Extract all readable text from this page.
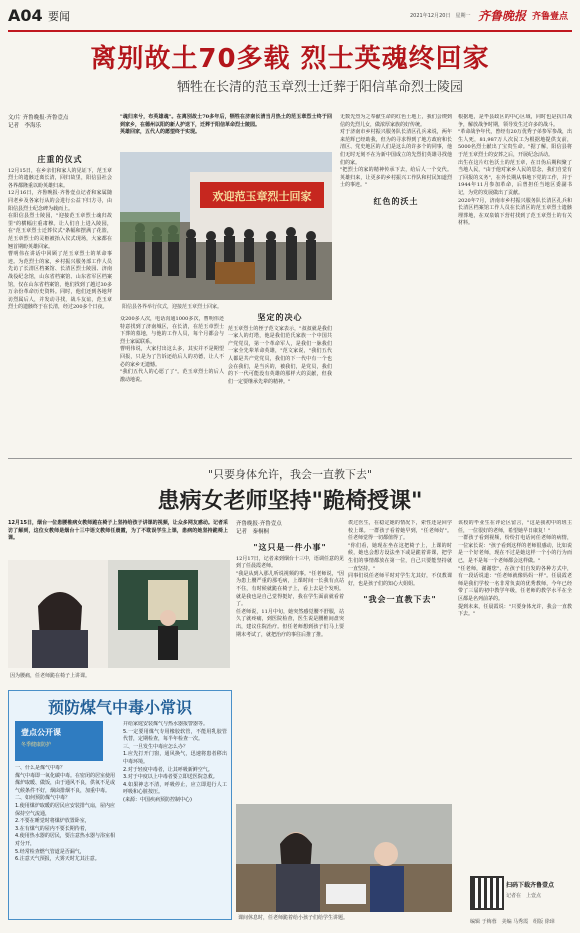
A04 要闻	2021年12月20日　星期一 齐鲁晚报 齐鲁壹点
离别故土70多载 烈士英魂终回家
牺牲在长清的范玉章烈士迁葬于阳信革命烈士陵园
文/片 齐鲁晚报·齐鲁壹点
记者　李海乐
"魂归来兮，布英雄魂"。在离别故土70多年后，牺牲在济南长清当月热土的范玉章烈士终于回到家乡，在德州以阳的新人护送下，迁葬于阳信革命烈士陵园。
英雄回家，五代人的愿望终于实现。
庄重的仪式
12月15日，在乡亲们和家人的见证下，范玉章烈士的遗骸迁离长清，回归故里，阳信县社会各界都隆重以盼英雄归来。
12月16日，齐鲁晚报·齐鲁壹点记者和家属随同老乡及各家行从的会进行公益下归方寻，由阳信县烈士纪念碑为载而上。
在阳信县烈士陵园，"迎接范玉章烈士魂归故里"的横幅庄重肃穆。让人们自上进入陵园，在"范玉章烈士迁葬仪式"条幅和摆满了花篮，范玉章烈士的灵柩被抬入仪式现场，大家都在翘首期盼英雄回家。
曹明伟在讲话中回顾了范玉章烈士的革命事迹。为范烈士的家，乡村振兴服务部工作人员先访了长清区档案馆、长清区烈士陵园、济南战役纪念馆，山东省档案馆、山东省军区档案馆，仅在山东省档案馆，他们找到了越过30多万余份革命历史资料。同时，他们还到各地拜访烈属后人，并发动寻找，战斗友谊，范玉章烈士的遗骸终于在长清，经过200多个日夜。
欢迎范玉章烈士回家
阳信县各界举行仪式，迎接范玉章烈士回家。
众200多人次，电话沟通1000多次，曹明伟还特意找到了济南城区，在长清，在范玉章烈士下葬的墓地，与他的工作人员，每个月都会与烈士家属联系。
曹明伟说，大家付出这么多，其实并不是期望回报，只是为了告诉还给后人的功德，让人不必的家乡无遗憾。
"我们五代人的心愿了了"。范玉章烈士的后人激动地说。
坚定的决心
范玉章烈士的侄子范文家表示，"叔叔就是我们一家人的灯塔，他是我们范氏家族一个中国共产党党员，第一个革命军人，是我们一脉我们一家全先辈革命英雄，"范文家说，"我们五代人都是共产党党员，我们的下一代中有一个也会在我们，是当兵的，被我们，是党员，我们的下一代可能没有英雄的那样大的贡献，但我们一定要继承先辈的精神。"
无数先烈为之奉献生命的红色土地上，我们会锲到信的先烈儿女，做浓厚家族的好传统。
对于济南市乡村振兴服务队长清区孔兵来说，两年来范辉已经助我，但为的寻求得到了地方政府和长清区、党史地区的人们是这么的许多个的同事，他们无时无刻不在为新中国成立的先烈们英雄寻找他们的家。
"把烈士的家的精神传承下去，给后人一个交代。英雄归来，让更多的乡村振兴工作队和村民知道烈士的事迹。"
红色的沃土
根据地，是毕县政区的中心区域，同时也是抗日战争，解放战争时期，领导发生过许多的战斗。
"革命战争年代，曾经有20万优秀子弟参军参战，出生人死，81,987万人次民工为根据地提供支前，5000名烈士献出了宝贵生命。"据了解，阳信县将于范玉章烈士的安葬之后，开展纪念活动。
出生在这片红色沃土的范玉章，在日伪后期积聚了当地人民，"由于他对家乡人民的思念，我们自觉有了回报的义务"，在外长期从事地下党的工作，并于1944年11月参加革命，后曾担任当地区委副书记，为党的发展做出了贡献。
2020年7月，济南市乡村振兴服务队长清区孔兵和长清区档案馆工作人员在长清区的范玉章烈士遗骸埋葬地，在双泉镇下营村找到了范玉章烈士的有关材料。

"只要身体允许，我会一直教下去"
患病女老师坚持"跪椅授课"
12月15日，烟台一位患腰椎病女教师跪在椅子上坚持给孩子讲课的视频，让众多网友感动。记者采访了解到，这位女教师是烟台十三中语文教师任晨霞，为了不耽误学生上课，患病的她坚持跪椅上课。
齐鲁晚报·齐鲁壹点
记者　秦桐桐
因为腰痛，任老师跪在椅子上讲课。
"这只是一件小事"
12月17日，记者来到烟台十三中，语调任意的见到了任晨霞老师。
"我是从到入那儿听说视频的事。"任老师说，"因为患上腰严重的那毛病，上课时间一长我有点站不住，有时候就跪在椅子上，看上去是个发明。就是我也是自己觉得挺好，我在学生面前就看着了。
任老师说，11月中旬，她突然感觉腰不舒服，站久了就疼痛，到医院检查，医生说是腰椎间盘突出，建议住院治疗。但任老师想到孩子们马上要期末考试了，就把治疗的事往后推了推。
诶过医生，在稳定她的情况下，索性还是回学校上课。一群孩子看着她早到，"任老师好"。任老师觉得一切都值得了。
"你们看，她现在坐在这把椅子上，上课的时候，她也会想方设法坐下或是跪着讲课，把学生们的事情都放在第一位，自己只要能坚持就一直坚持。"
同事们说任老师平时对学生尤其好，不仅教课好，也是孩子们的知心大姐姐。
"我会一直教下去"
该校的毕业生在评论区留言，"这是我初中的班主任，一位很好的老师，希望她早日康复！"
一群孩子看到视频，纷纷打电话问任老师的病情，一位家长说："孩子看到这样的老师很感动，比如说是一个好老师，现在不过是她这样一个小的行为而已，是不是每一个老师都会这样做。"
"任老师，谢谢您"，在孩子们自发的各种方式中，有一段话说道："任老师就像妈妈一样"。任晨霞老师是我们学校一名非常负责的优秀教师，今年已经带了三届的初中教学年级，任老师的教学水平在全区都是名列前茅的。
提到未来，任晨霞说："只要身体允许，我会一直教下去。"
课间休息时，任老师跪着给小孩子们给学生讲题。
预防煤气中毒小常识
壹点公开课
冬季健康防护
一、什么是煤气中毒？
煤气中毒即一氧化碳中毒。在密闭的居室使用煤炉取暖、做饭，由于通风不良，供氧不足或气候条件不好，烟囱排烟不良，加重中毒。
二、如何预防煤气中毒？
1.使用煤炉取暖的居民应安装排气扇，屋内应保持空气流通，
2.不要在睡觉时将煤炉放置卧室，
3.在有煤气的屋内不要长期待着，
4.使用热水器的居民，要注意热水器与浴室相对分开，
5.经常检查燃气管道是否漏气，
6.注意天气预报，大雾天时尤其注意。
并给家庭安装煤气与热水器报警器等。
5.一定要用煤气专用橡胶软管，不能用乳胶管代替，定期检查，每半年检查一次。
三、一旦发生中毒应怎么办？
1.应先打开门窗，通风换气，迅速将患者移出中毒环境。
2.对于轻度中毒者，让其呼吸新鲜空气。
3.对于中度以上中毒者要立即送医院急救。
4.如果神志不清，呼吸停止，应立即进行人工呼吸和心脏按压。
(来源：中国疾病预防控制中心)
扫码下载齐鲁壹点
记者在　上壹点
编辑 于梅蓉　美编 马秀霞　组版 徐璋
